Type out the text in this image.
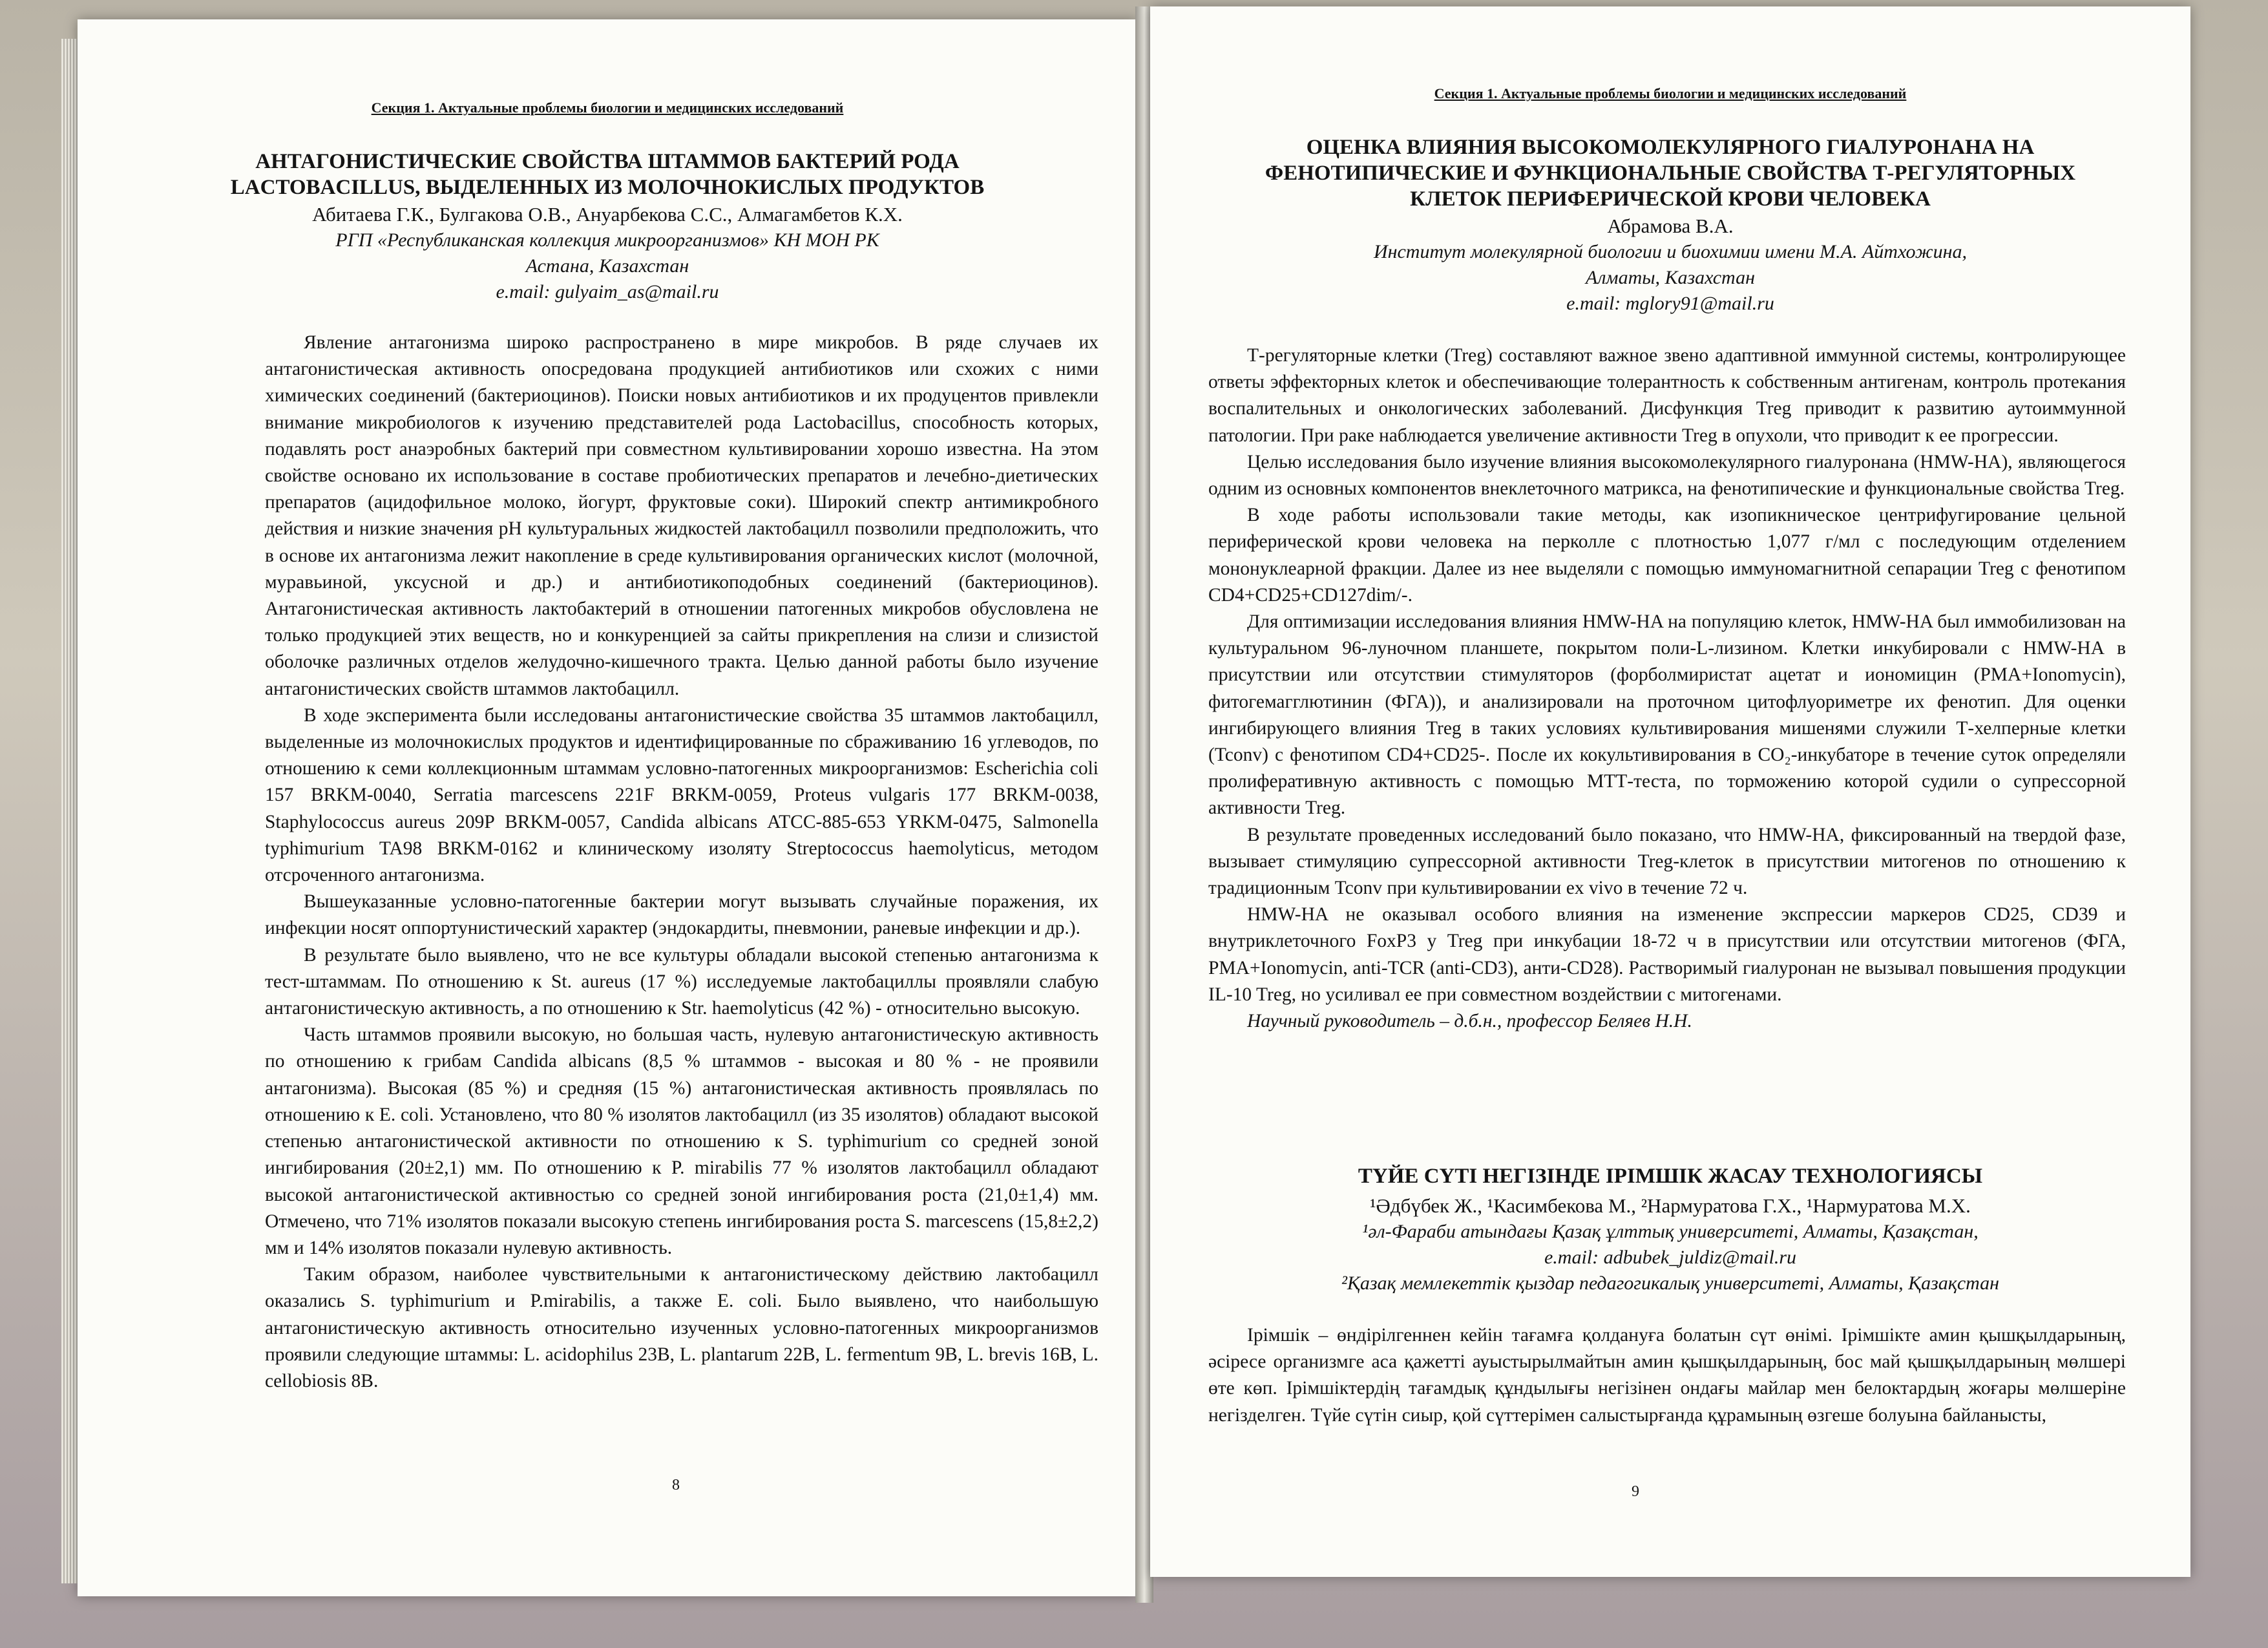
Секция 1. Актуальные проблемы биологии и медицинских исследований
АНТАГОНИСТИЧЕСКИЕ СВОЙСТВА ШТАММОВ БАКТЕРИЙ РОДА
LACTOBACILLUS, ВЫДЕЛЕННЫХ ИЗ МОЛОЧНОКИСЛЫХ ПРОДУКТОВ
Абитаева Г.К., Булгакова О.В., Ануарбекова С.С., Алмагамбетов К.Х.
РГП «Республиканская коллекция микроорганизмов» КН МОН РК
Астана, Казахстан
e.mail: gulyaim_as@mail.ru

Явление антагонизма широко распространено в мире микробов. В ряде случаев их антагонистическая активность опосредована продукцией антибиотиков или схожих с ними химических соединений (бактериоцинов). Поиски новых антибиотиков и их продуцентов привлекли внимание микробиологов к изучению представителей рода Lactobacillus, способность которых, подавлять рост анаэробных бактерий при совместном культивировании хорошо известна. На этом свойстве основано их использование в составе пробиотических препаратов и лечебно-диетических препаратов (ацидофильное молоко, йогурт, фруктовые соки). Широкий спектр антимикробного действия и низкие значения pH культуральных жидкостей лактобацилл позволили предположить, что в основе их антагонизма лежит накопление в среде культивирования органических кислот (молочной, муравьиной, уксусной и др.) и антибиотикоподобных соединений (бактериоцинов). Антагонистическая активность лактобактерий в отношении патогенных микробов обусловлена не только продукцией этих веществ, но и конкуренцией за сайты прикрепления на слизи и слизистой оболочке различных отделов желудочно-кишечного тракта. Целью данной работы было изучение антагонистических свойств штаммов лактобацилл.

В ходе эксперимента были исследованы антагонистические свойства 35 штаммов лактобацилл, выделенные из молочнокислых продуктов и идентифицированные по сбраживанию 16 углеводов, по отношению к семи коллекционным штаммам условно-патогенных микроорганизмов: Escherichia coli 157 BRKM-0040, Serratia marcescens 221F BRKM-0059, Proteus vulgaris 177 BRKM-0038, Staphylococcus aureus 209P BRKM-0057, Candida albicans ATCC-885-653 YRKM-0475, Salmonella typhimurium TA98 BRKM-0162 и клиническому изоляту Streptococcus haemolyticus, методом отсроченного антагонизма.

Вышеуказанные условно-патогенные бактерии могут вызывать случайные поражения, их инфекции носят оппортунистический характер (эндокардиты, пневмонии, раневые инфекции и др.).

В результате было выявлено, что не все культуры обладали высокой степенью антагонизма к тест-штаммам. По отношению к St. aureus (17 %) исследуемые лактобациллы проявляли слабую антагонистическую активность, а по отношению к Str. haemolyticus (42 %) - относительно высокую.

Часть штаммов проявили высокую, но большая часть, нулевую антагонистическую активность по отношению к грибам Candida albicans (8,5 % штаммов - высокая и 80 % - не проявили антагонизма). Высокая (85 %) и средняя (15 %) антагонистическая активность проявлялась по отношению к E. coli. Установлено, что 80 % изолятов лактобацилл (из 35 изолятов) обладают высокой степенью антагонистической активности по отношению к S. typhimurium со средней зоной ингибирования (20±2,1) мм. По отношению к P. mirabilis 77 % изолятов лактобацилл обладают высокой антагонистической активностью со средней зоной ингибирования роста (21,0±1,4) мм. Отмечено, что 71% изолятов показали высокую степень ингибирования роста S. marcescens (15,8±2,2) мм и 14% изолятов показали нулевую активность.

Таким образом, наиболее чувствительными к антагонистическому действию лактобацилл оказались S. typhimurium и P.mirabilis, а также E. coli. Было выявлено, что наибольшую антагонистическую активность относительно изученных условно-патогенных микроорганизмов проявили следующие штаммы: L. acidophilus 23B, L. plantarum 22B, L. fermentum 9B, L. brevis 16B, L. cellobiosis 8B.

8
Секция 1. Актуальные проблемы биологии и медицинских исследований
ОЦЕНКА ВЛИЯНИЯ ВЫСОКОМОЛЕКУЛЯРНОГО ГИАЛУРОНАНА НА
ФЕНОТИПИЧЕСКИЕ И ФУНКЦИОНАЛЬНЫЕ СВОЙСТВА Т-РЕГУЛЯТОРНЫХ
КЛЕТОК ПЕРИФЕРИЧЕСКОЙ КРОВИ ЧЕЛОВЕКА
Абрамова В.А.
Институт молекулярной биологии и биохимии имени М.А. Айтхожина,
Алматы, Казахстан
e.mail: mglory91@mail.ru

Т-регуляторные клетки (Treg) составляют важное звено адаптивной иммунной системы, контролирующее ответы эффекторных клеток и обеспечивающие толерантность к собственным антигенам, контроль протекания воспалительных и онкологических заболеваний. Дисфункция Treg приводит к развитию аутоиммунной патологии. При раке наблюдается увеличение активности Treg в опухоли, что приводит к ее прогрессии.

Целью исследования было изучение влияния высокомолекулярного гиалуронана (HMW-HA), являющегося одним из основных компонентов внеклеточного матрикса, на фенотипические и функциональные свойства Treg.

В ходе работы использовали такие методы, как изопикническое центрифугирование цельной периферической крови человека на перколле с плотностью 1,077 г/мл с последующим отделением мононуклеарной фракции. Далее из нее выделяли с помощью иммуномагнитной сепарации Treg с фенотипом CD4+CD25+CD127dim/-.

Для оптимизации исследования влияния HMW-HA на популяцию клеток, HMW-HA был иммобилизован на культуральном 96-луночном планшете, покрытом поли-L-лизином. Клетки инкубировали с HMW-HA в присутствии или отсутствии стимуляторов (форболмиристат ацетат и иономицин (PMA+Ionomycin), фитогемагглютинин (ФГА)), и анализировали на проточном цитофлуориметре их фенотип. Для оценки ингибирующего влияния Treg в таких условиях культивирования мишенями служили Т-хелперные клетки (Tconv) с фенотипом CD4+CD25-. После их кокультивирования в CO₂-инкубаторе в течение суток определяли пролиферативную активность с помощью МТТ-теста, по торможению которой судили о супрессорной активности Treg.

В результате проведенных исследований было показано, что HMW-HA, фиксированный на твердой фазе, вызывает стимуляцию супрессорной активности Treg-клеток в присутствии митогенов по отношению к традиционным Tconv при культивировании ex vivo в течение 72 ч.

HMW-HA не оказывал особого влияния на изменение экспрессии маркеров CD25, CD39 и внутриклеточного FoxP3 у Treg при инкубации 18-72 ч в присутствии или отсутствии митогенов (ФГА, PMA+Ionomycin, anti-TCR (anti-CD3), анти-CD28). Растворимый гиалуронан не вызывал повышения продукции IL-10 Treg, но усиливал ее при совместном воздействии с митогенами.

Научный руководитель – д.б.н., профессор Беляев Н.Н.

ТҮЙЕ СҮТІ НЕГІЗІНДЕ ІРІМШІК ЖАСАУ ТЕХНОЛОГИЯСЫ
¹Әдбүбек Ж., ¹Касимбекова М., ²Нармуратова Г.Х., ¹Нармуратова М.Х.
¹әл-Фараби атындағы Қазақ ұлттық университеті, Алматы, Қазақстан,
e.mail: adbubek_juldiz@mail.ru
²Қазақ мемлекеттік қыздар педагогикалық университеті, Алматы, Қазақстан

Ірімшік – өндірілгеннен кейін тағамға қолдануға болатын сүт өнімі. Ірімшікте амин қышқылдарының, әсіресе организмге аса қажетті ауыстырылмайтын амин қышқылдарының, бос май қышқылдарының мөлшері өте көп. Ірімшіктердің тағамдық құндылығы негізінен ондағы майлар мен белоктардың жоғары мөлшеріне негізделген. Түйе сүтін сиыр, қой сүттерімен салыстырғанда құрамының өзгеше болуына байланысты,

9
